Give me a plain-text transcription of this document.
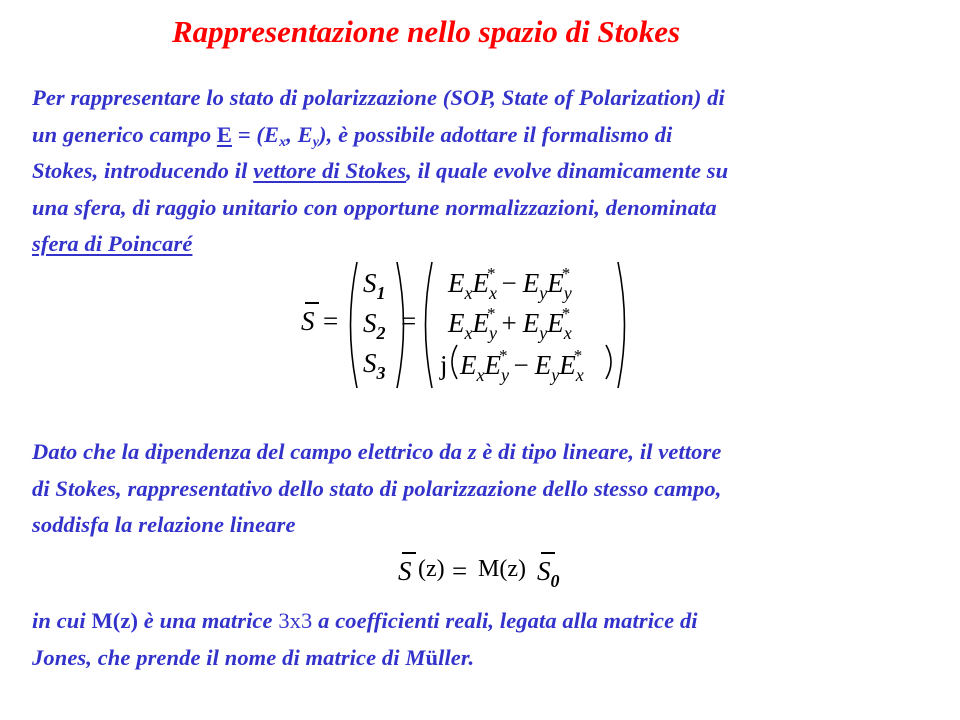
Rappresentazione nello spazio di Stokes
Per rappresentare lo stato di polarizzazione (SOP, State of Polarization) di
un generico campo $E = (E_x$, $E_y$), è possibile adottare il formalismo di
Stokes, introducendo il vettore di Stokes, il quale evolve dinamicamente su
una sfera, di raggio unitario con opportune normalizzazioni, denominata
sfera di Poincaré
S =
$S_1$
$S_2$
$S_3$
=
$E_xE_x^* - E_yE_y^*$
$E_xE_y^* + E_yE_x^*$
j $E_xE_y^* - E_yE_x^*$
Dato che la dipendenza del campo elettrico da z è di tipo lineare, il vettore
di Stokes, rappresentativo dello stato di polarizzazione dello stesso campo,
soddisfa la relazione lineare
S (z) = M(z) $S_0$
in cui M(z) è una matrice 3x3 a coefficienti reali, legata alla matrice di
Jones, che prende il nome di matrice di Müller.
